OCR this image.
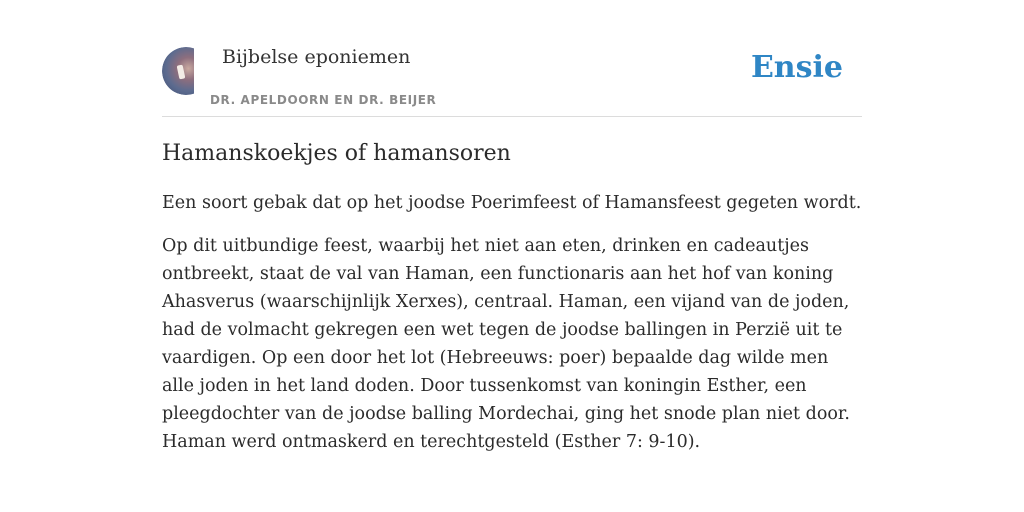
Bijbelse eponiemen
DR. APELDOORN EN DR. BEIJER
Ensie
Hamanskoekjes of hamansoren

Een soort gebak dat op het joodse Poerimfeest of Hamansfeest gegeten wordt.

Op dit uitbundige feest, waarbij het niet aan eten, drinken en cadeautjes ontbreekt, staat de val van Haman, een functionaris aan het hof van koning Ahasverus (waarschijnlijk Xerxes), centraal. Haman, een vijand van de joden, had de volmacht gekregen een wet tegen de joodse ballingen in Perzië uit te vaardigen. Op een door het lot (Hebreeuws: poer) bepaalde dag wilde men alle joden in het land doden. Door tussenkomst van koningin Esther, een pleegdochter van de joodse balling Mordechai, ging het snode plan niet door. Haman werd ontmaskerd en terechtgesteld (Esther 7: 9-10).
